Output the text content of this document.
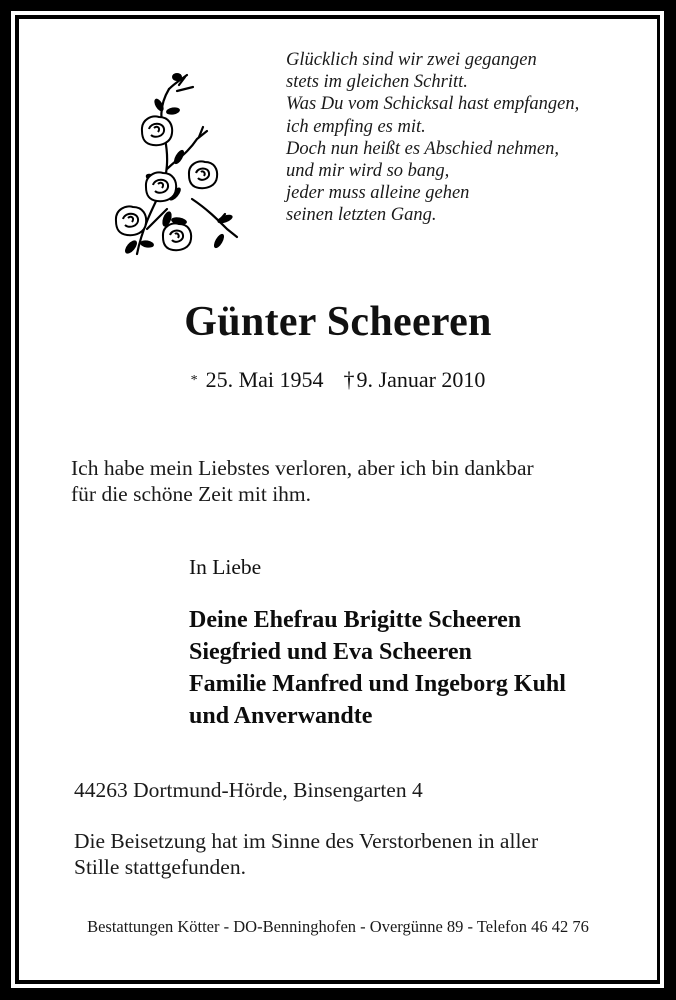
Glücklich sind wir zwei gegangen
stets im gleichen Schritt.
Was Du vom Schicksal hast empfangen,
ich empfing es mit.
Doch nun heißt es Abschied nehmen,
und mir wird so bang,
jeder muss alleine gehen
seinen letzten Gang.
Günter Scheeren
* 25. Mai 1954 †9. Januar 2010
Ich habe mein Liebstes verloren, aber ich bin dankbar
für die schöne Zeit mit ihm.
In Liebe
Deine Ehefrau Brigitte Scheeren
Siegfried und Eva Scheeren
Familie Manfred und Ingeborg Kuhl
und Anverwandte
44263 Dortmund-Hörde, Binsengarten 4
Die Beisetzung hat im Sinne des Verstorbenen in aller
Stille stattgefunden.
Bestattungen Kötter - DO-Benninghofen - Overgünne 89 - Telefon 46 42 76
